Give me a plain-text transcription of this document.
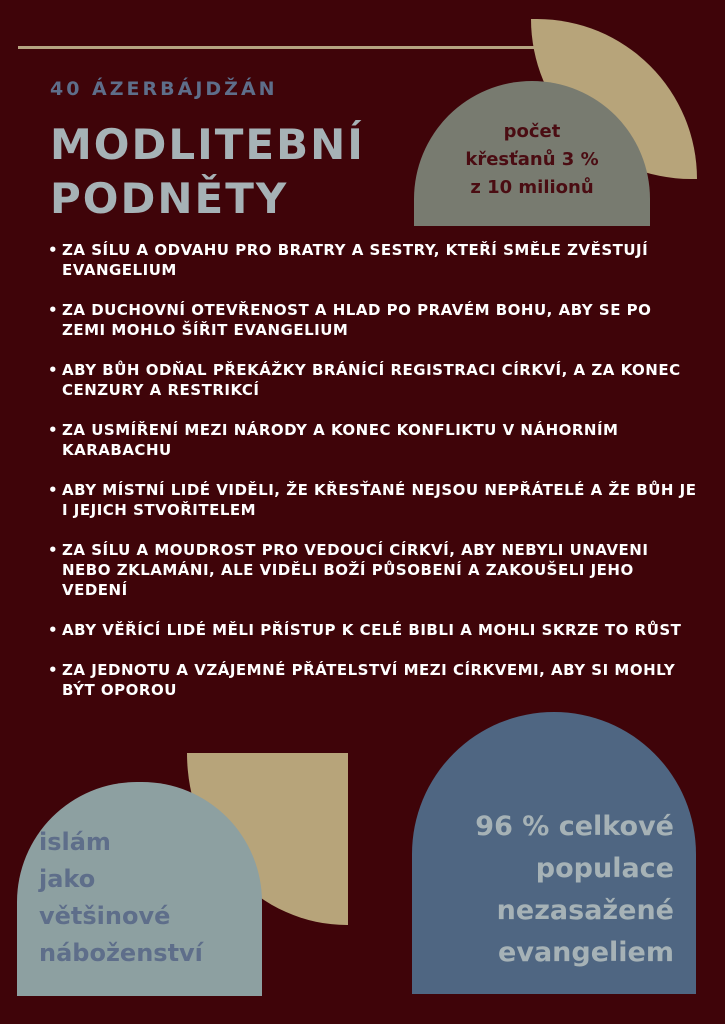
počet
křesťanů 3 %
z 10 milionů
40 ÁZERBÁJDŽÁN
MODLITEBNÍ
PODNĚTY
• ZA SÍLU A ODVAHU PRO BRATRY A SESTRY, KTEŘÍ SMĚLE ZVĚSTUJÍ EVANGELIUM
• ZA DUCHOVNÍ OTEVŘENOST A HLAD PO PRAVÉM BOHU, ABY SE PO ZEMI MOHLO ŠÍŘIT EVANGELIUM
• ABY BŮH ODŇAL PŘEKÁŽKY BRÁNÍCÍ REGISTRACI CÍRKVÍ, A ZA KONEC CENZURY A RESTRIKCÍ
• ZA USMÍŘENÍ MEZI NÁRODY A KONEC KONFLIKTU V NÁHORNÍM KARABACHU
• ABY MÍSTNÍ LIDÉ VIDĚLI, ŽE KŘESŤANÉ NEJSOU NEPŘÁTELÉ A ŽE BŮH JE I JEJICH STVOŘITELEM
• ZA SÍLU A MOUDROST PRO VEDOUCÍ CÍRKVÍ, ABY NEBYLI UNAVENI NEBO ZKLAMÁNI, ALE VIDĚLI BOŽÍ PŮSOBENÍ A ZAKOUŠELI JEHO VEDENÍ
• ABY VĚŘÍCÍ LIDÉ MĚLI PŘÍSTUP K CELÉ BIBLI A MOHLI SKRZE TO RŮST
• ZA JEDNOTU A VZÁJEMNÉ PŘÁTELSTVÍ MEZI CÍRKVEMI, ABY SI MOHLY BÝT OPOROU
islám
jako
většinové
náboženství
96 % celkové
populace
nezasažené
evangeliem
